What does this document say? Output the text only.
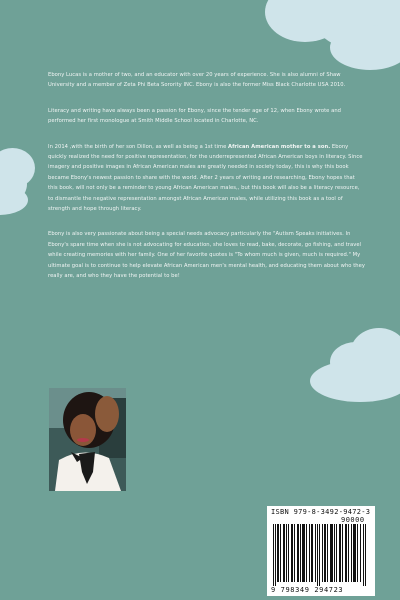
Ebony Lucas is a mother of two, and an educator with over 20 years of experience. She is also alumni of Shaw University and a member of Zeta Phi Beta Sorority INC. Ebony is also the former Miss Black Charlotte USA 2010.

Literacy and writing have always been a passion for Ebony, since the tender age of 12, when Ebony wrote and performed her first monologue at Smith Middle School located in Charlotte, NC.

In 2014 ,with the birth of her son Dillon, as well as being a 1st time African American mother to a son. Ebony quickly realized the need for positive representation, for the underrepresented African American boys in literacy. Since imagery and positive images in African American males are greatly needed in society today, this is why this book became Ebony's newest passion to share with the world. After 2 years of writing and researching, Ebony hopes that this book, will not only be a reminder to young African American males,, but this book will also be a literacy resource, to dismantle the negative representation amongst African American males, while utilizing this book as a tool of strength and hope through literacy.

Ebony is also very passionate about being a special needs advocacy particularly the "Autism Speaks initiatives. In Ebony's spare time when she is not advocating for education, she loves to read, bake, decorate, go fishing, and travel while creating memories with her family. One of her favorite quotes is "To whom much is given, much is required." My ultimate goal is to continue to help elevate African American men's mental health, and educating them about who they really are, and who they have the potential to be!

ISBN 979-8-3492-9472-3
90000
9 798349 294723
